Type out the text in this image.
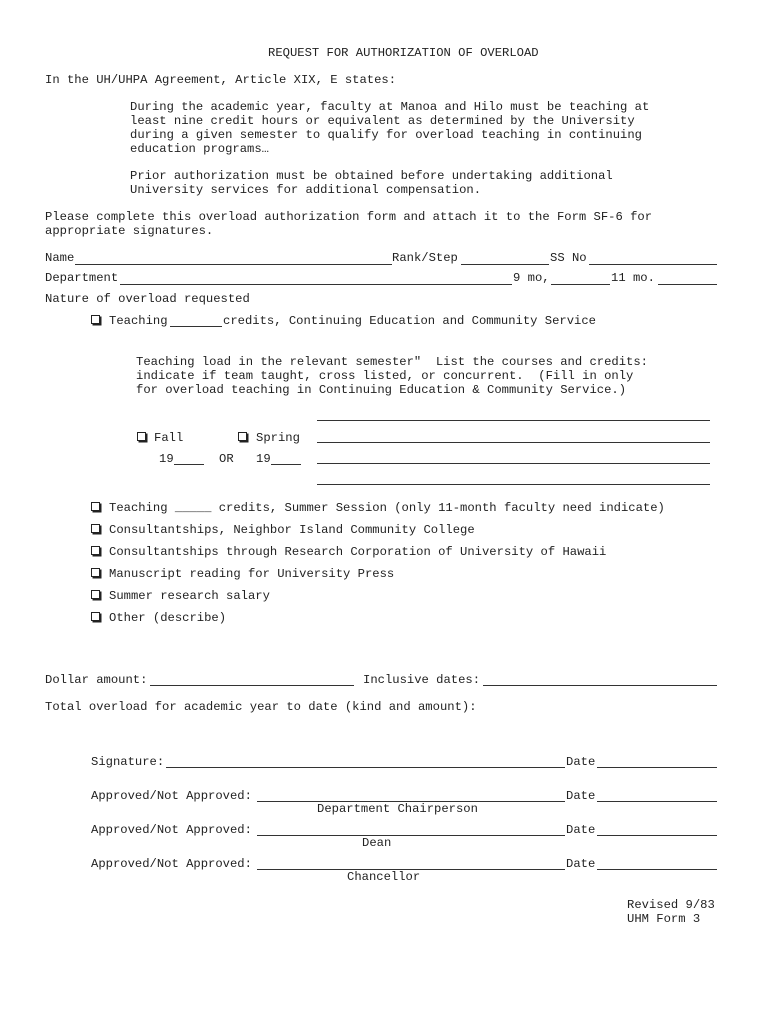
REQUEST FOR AUTHORIZATION OF OVERLOAD
In the UH/UHPA Agreement, Article XIX, E states:
During the academic year, faculty at Manoa and Hilo must be teaching at
least nine credit hours or equivalent as determined by the University
during a given semester to qualify for overload teaching in continuing
education programs…
Prior authorization must be obtained before undertaking additional
University services for additional compensation.
Please complete this overload authorization form and attach it to the Form SF-6 for
appropriate signatures.
Name	Rank/Step	SS No
Department	9 mo,	11 mo.
Nature of overload requested
Teaching	credits, Continuing Education and Community Service
Teaching load in the relevant semester"  List the courses and credits:
indicate if team taught, cross listed, or concurrent.  (Fill in only
for overload teaching in Continuing Education & Community Service.)
Fall	Spring
19	OR 19
Teaching _____ credits, Summer Session (only 11-month faculty need indicate)
Consultantships, Neighbor Island Community College
Consultantships through Research Corporation of University of Hawaii
Manuscript reading for University Press
Summer research salary
Other (describe)
Dollar amount:	Inclusive dates:
Total overload for academic year to date (kind and amount):
Signature:	Date
Approved/Not Approved:	Date
Department Chairperson
Approved/Not Approved:	Date
Dean
Approved/Not Approved:	Date
Chancellor
Revised 9/83
UHM Form 3
